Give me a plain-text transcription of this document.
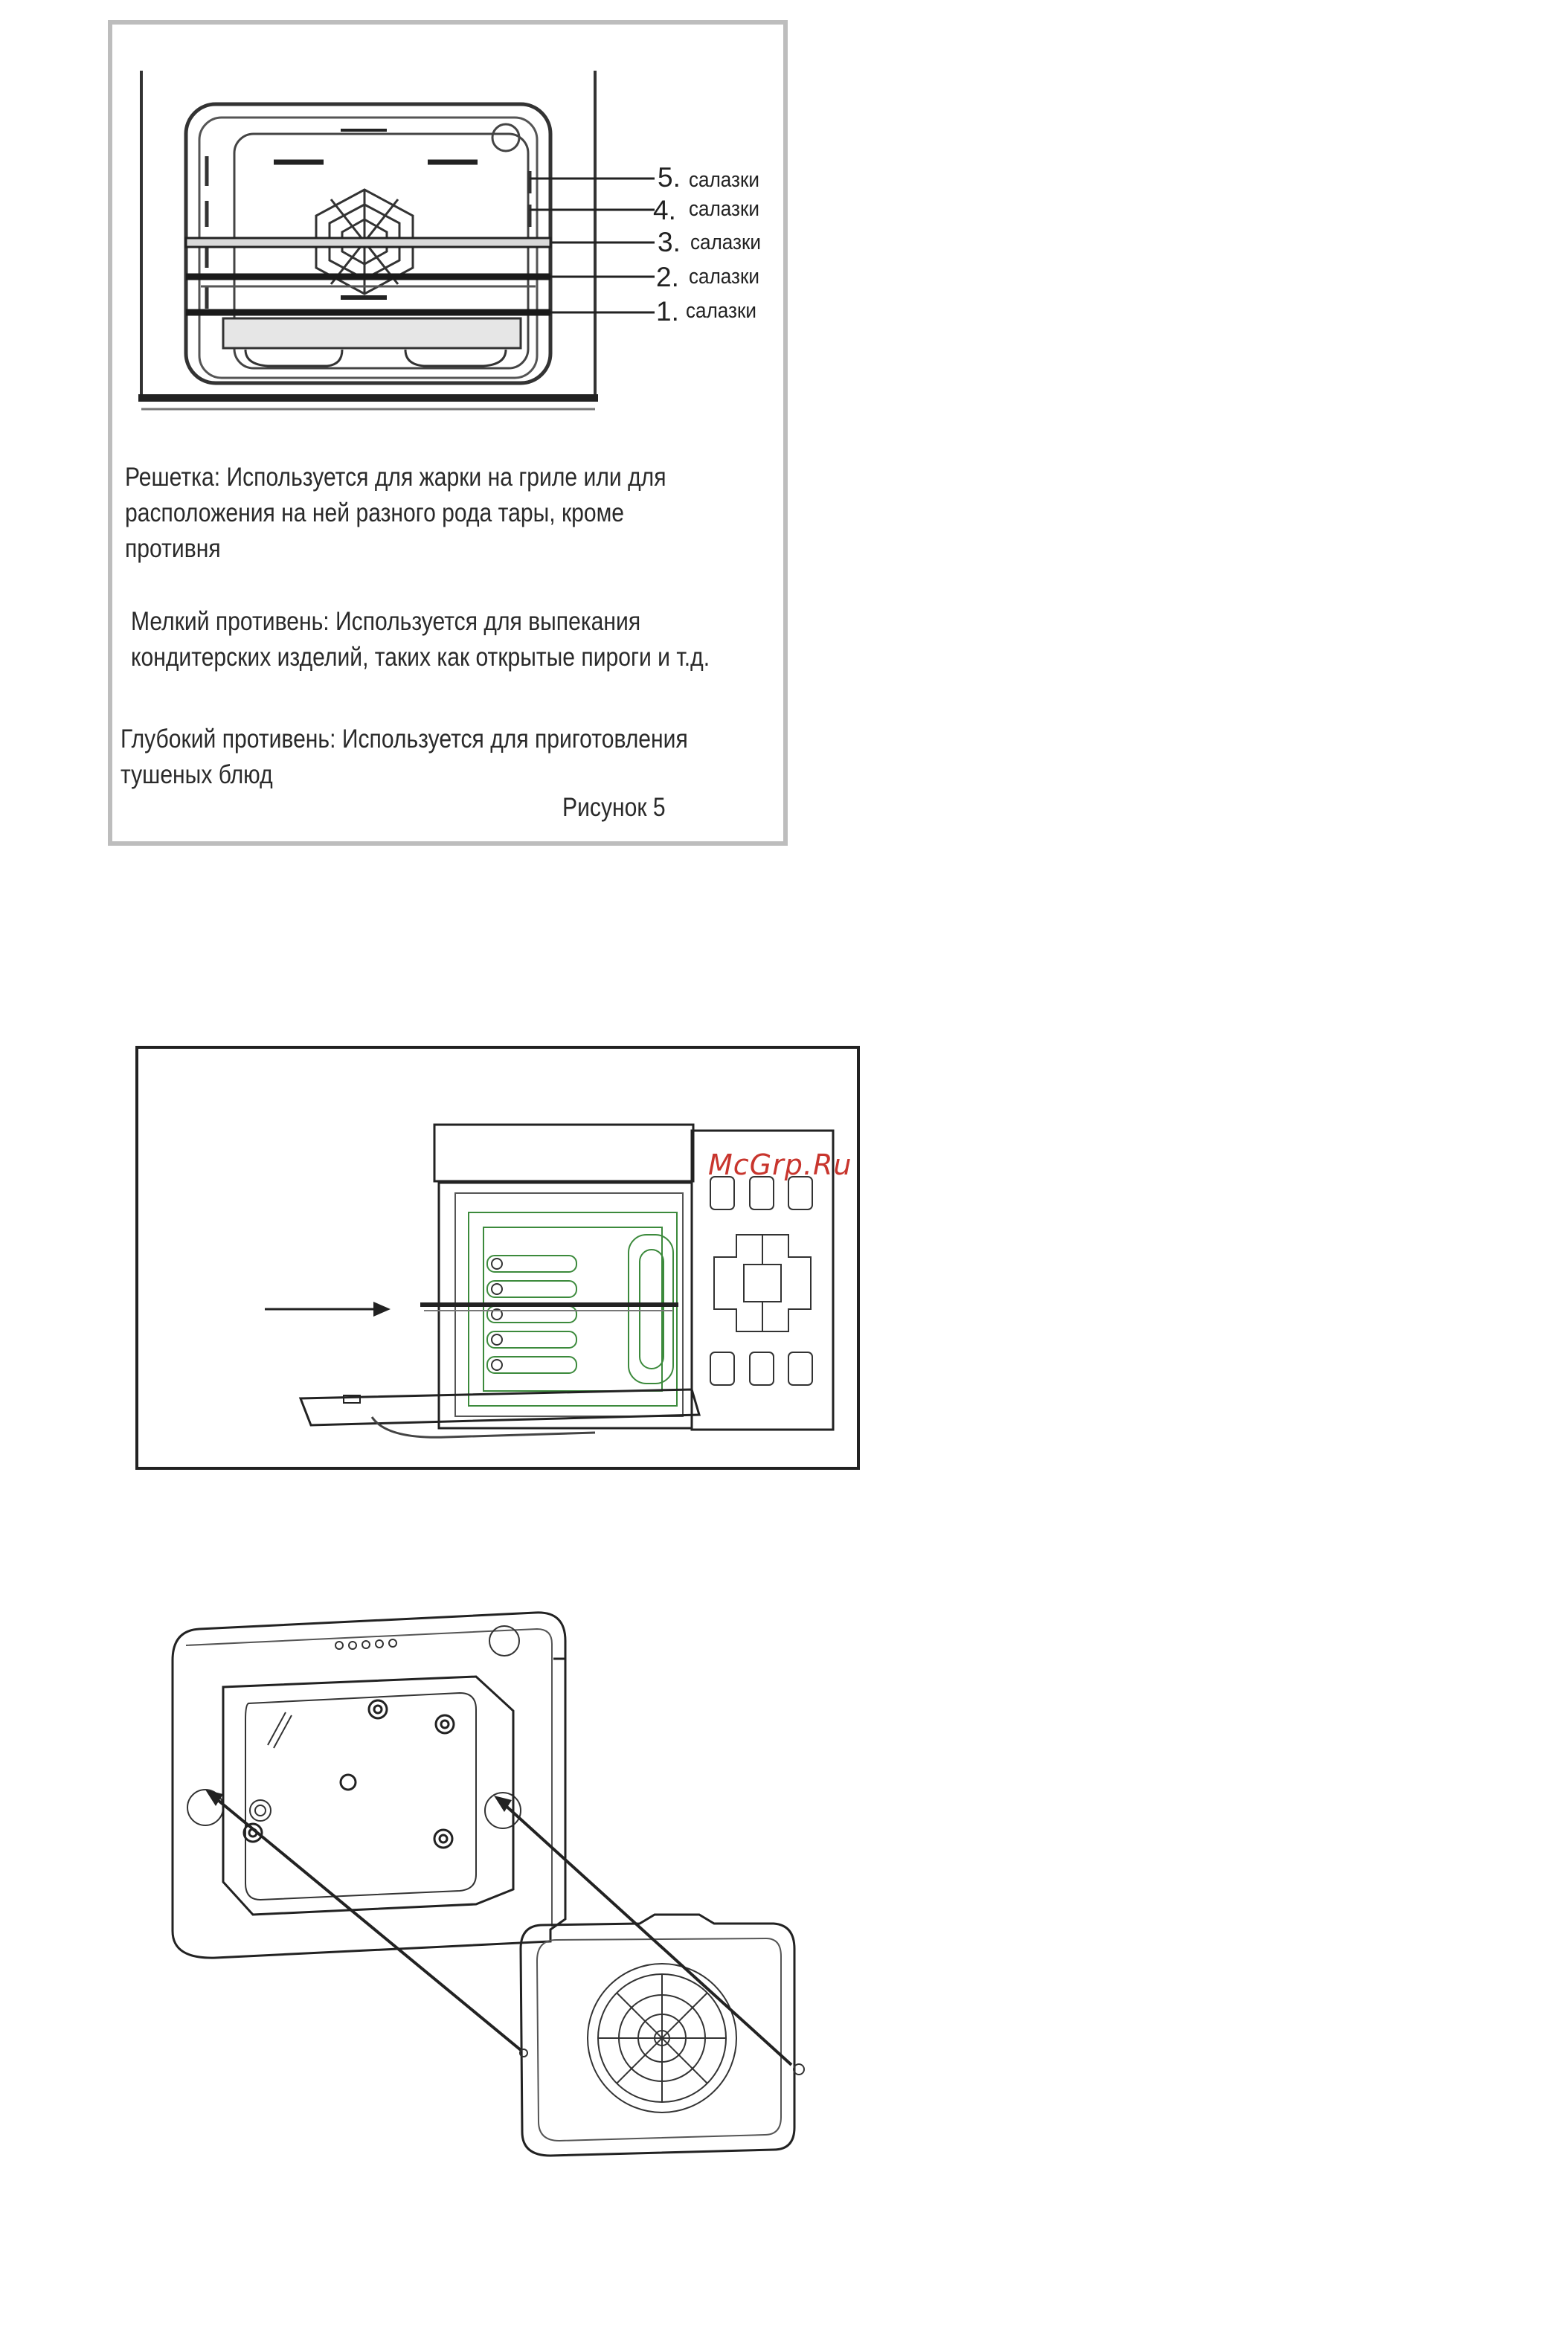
5. салазки
4. салазки
3. салазки
2. салазки
1. салазки
Решетка: Используется для жарки на гриле или для
расположения на ней разного рода тары, кроме
противня
Мелкий противень: Используется для выпекания
кондитерских изделий, таких как открытые пироги и т.д.
Глубокий противень: Используется для приготовления
тушеных блюд
Рисунок 5
McGrp.Ru
